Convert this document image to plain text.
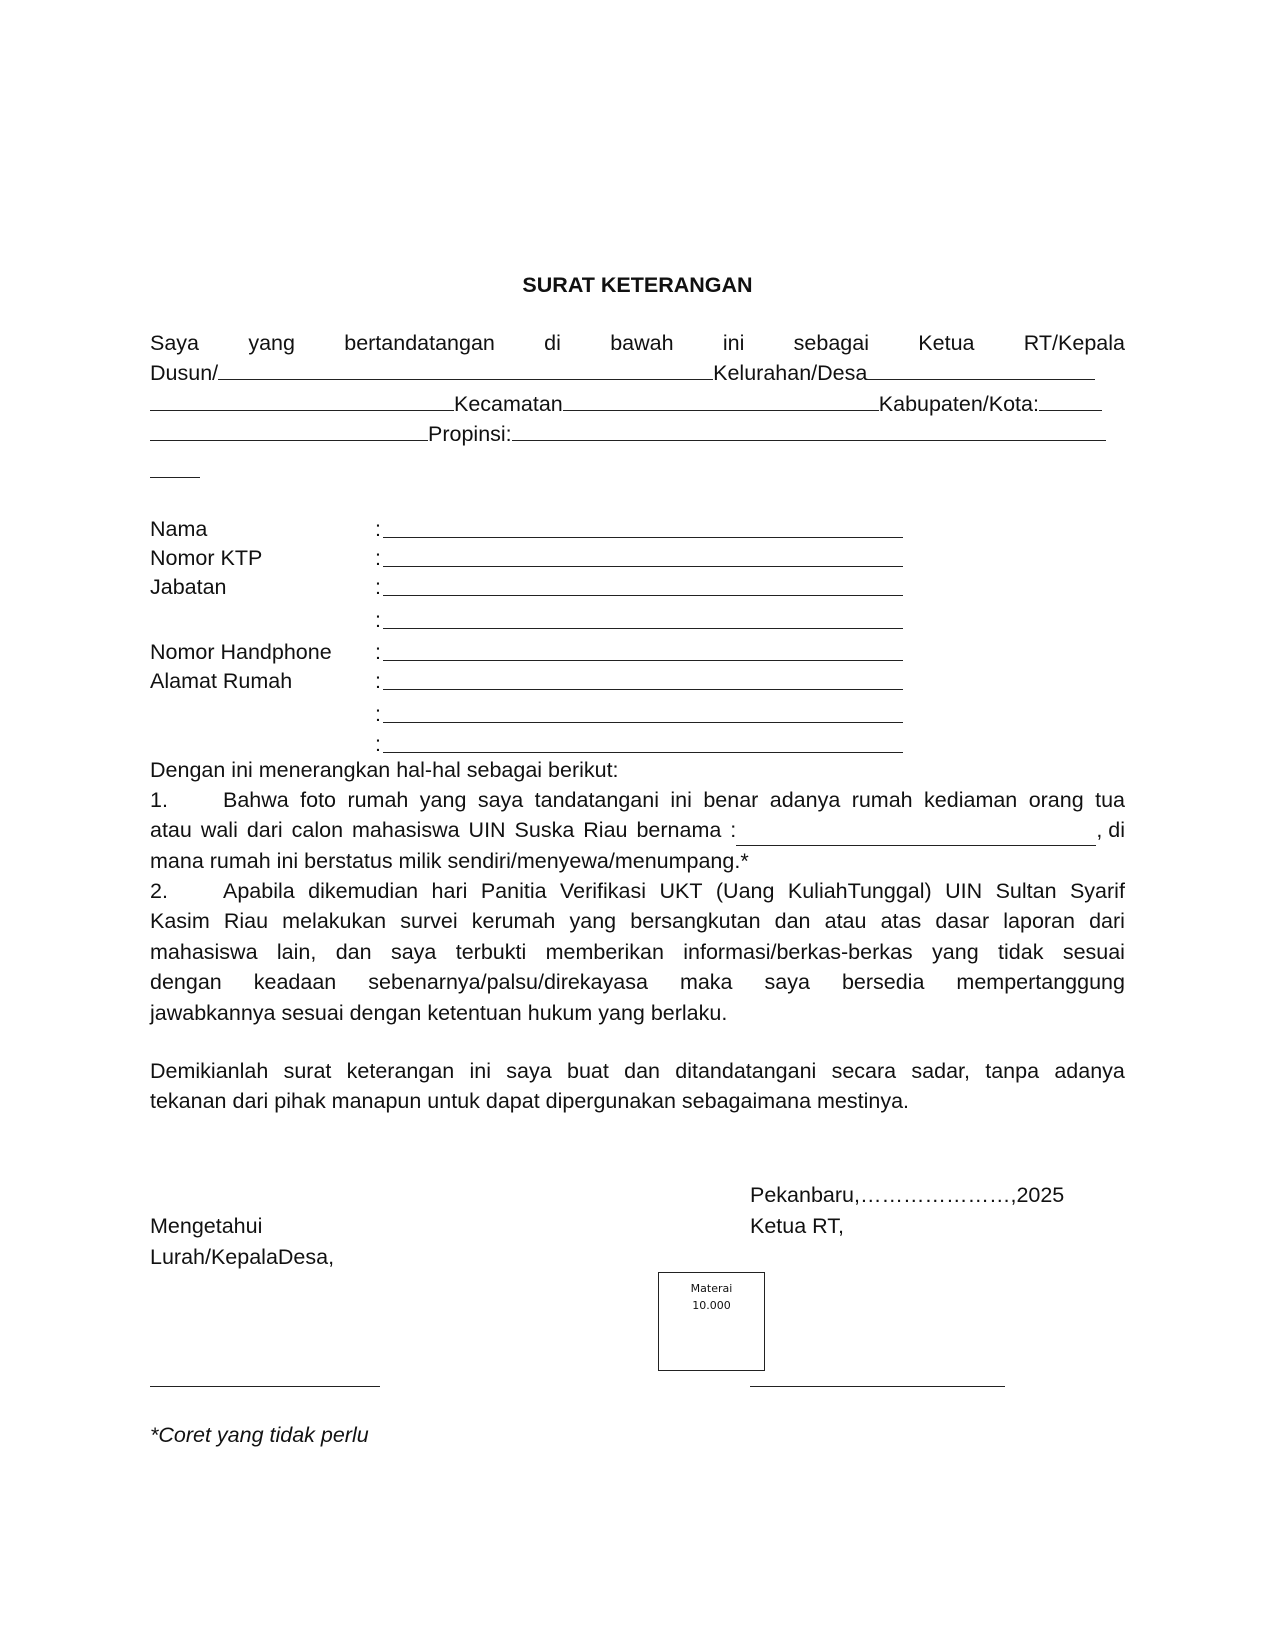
SURAT KETERANGAN
Saya yang bertandatangan di bawah ini sebagai Ketua RT/Kepala
Dusun/	Kelurahan/Desa
Kecamatan	Kabupaten/Kota:
Propinsi:
Nama	:
Nomor KTP	:
Jabatan	:
:
Nomor Handphone :
Alamat Rumah	:
:
:
Dengan ini menerangkan hal-hal sebagai berikut:
1.	Bahwa foto rumah yang saya tandatangani ini benar adanya rumah kediaman orang tua
atau wali dari calon mahasiswa UIN Suska Riau bernama :	, di
mana rumah ini berstatus milik sendiri/menyewa/menumpang.*
2.	Apabila dikemudian hari Panitia Verifikasi UKT (Uang KuliahTunggal) UIN Sultan Syarif
Kasim Riau melakukan survei kerumah yang bersangkutan dan atau atas dasar laporan dari
mahasiswa lain, dan saya terbukti memberikan informasi/berkas-berkas yang tidak sesuai
dengan keadaan sebenarnya/palsu/direkayasa maka saya bersedia mempertanggung
jawabkannya sesuai dengan ketentuan hukum yang berlaku.
Demikianlah surat keterangan ini saya buat dan ditandatangani secara sadar, tanpa adanya
tekanan dari pihak manapun untuk dapat dipergunakan sebagaimana mestinya.
Pekanbaru,…………………,2025
Ketua RT,
Mengetahui
Lurah/KepalaDesa,
Materai
10.000
*Coret yang tidak perlu
